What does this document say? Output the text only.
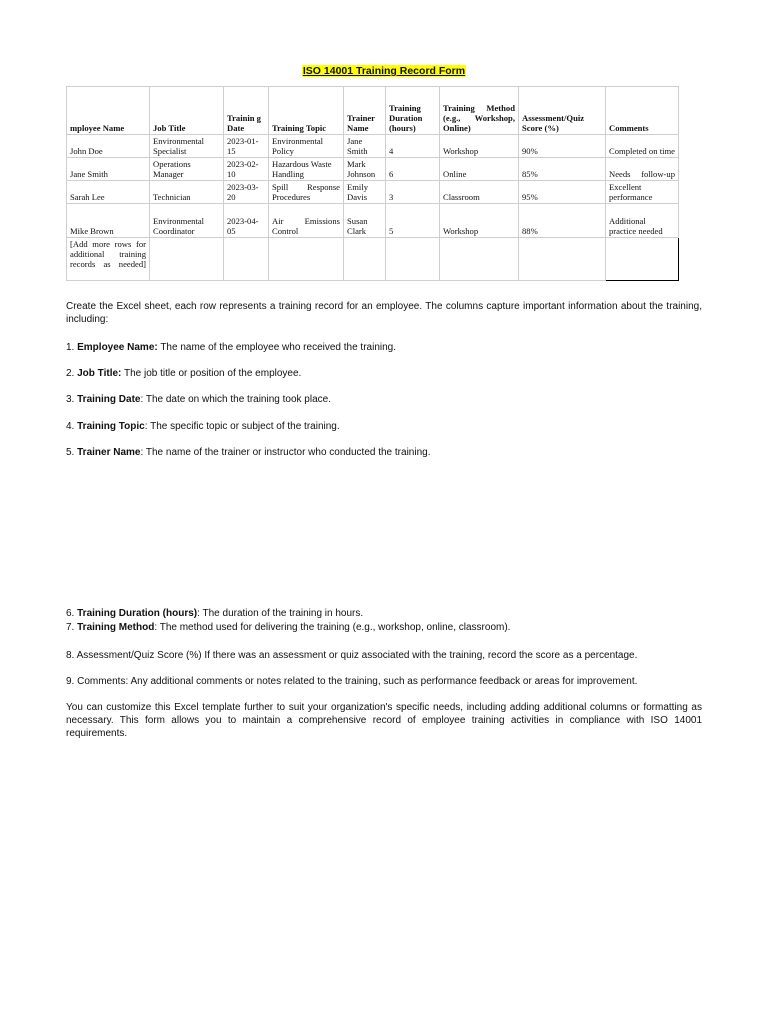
ISO 14001 Training Record Form
mployee Name	Job Title	Trainin g Date	Training Topic	Trainer Name	Training Duration (hours)	Training Method (e.g., Workshop, Online)	Assessment/Quiz Score (%)	Comments
John Doe	Environmental Specialist	2023-01-15	Environmental Policy	Jane Smith	4	Workshop	90%	Completed on time
Jane Smith	Operations Manager	2023-02-10	Hazardous Waste Handling	Mark Johnson	6	Online	85%	Needs follow-up
Sarah Lee	Technician	2023-03-20	Spill Response Procedures	Emily Davis	3	Classroom	95%	Excellent performance
Mike Brown	Environmental Coordinator	2023-04-05	Air Emissions Control	Susan Clark	5	Workshop	88%	Additional practice needed
[Add more rows for additional training records as needed]								

Create the Excel sheet, each row represents a training record for an employee. The columns capture important information about the training, including:

1. Employee Name: The name of the employee who received the training.

2. Job Title: The job title or position of the employee.

3. Training Date: The date on which the training took place.

4. Training Topic: The specific topic or subject of the training.

5. Trainer Name: The name of the trainer or instructor who conducted the training.

6. Training Duration (hours): The duration of the training in hours.

7. Training Method: The method used for delivering the training (e.g., workshop, online, classroom).

8. Assessment/Quiz Score (%) If there was an assessment or quiz associated with the training, record the score as a percentage.

9. Comments: Any additional comments or notes related to the training, such as performance feedback or areas for improvement.

You can customize this Excel template further to suit your organization's specific needs, including adding additional columns or formatting as necessary. This form allows you to maintain a comprehensive record of employee training activities in compliance with ISO 14001 requirements.
